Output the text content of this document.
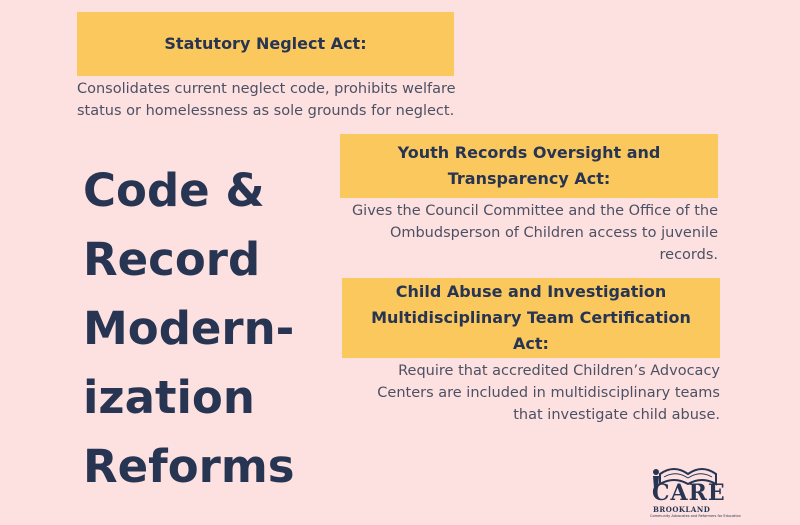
Statutory Neglect Act:
Consolidates current neglect code, prohibits welfare status or homelessness as sole grounds for neglect.
Youth Records Oversight and Transparency Act:
Gives the Council Committee and the Office of the Ombudsperson of Children access to juvenile records.
Child Abuse and Investigation Multidisciplinary Team Certification Act:
Require that accredited Children’s Advocacy Centers are included in multidisciplinary teams that investigate child abuse.
Code &
Record
Modern-
ization
Reforms	CARE
BROOKLAND
Community Advocates and Reformers for Education
